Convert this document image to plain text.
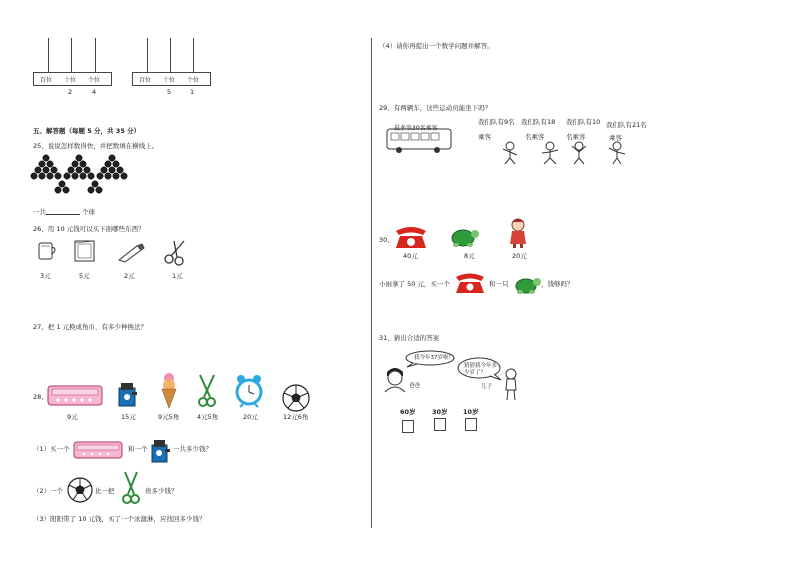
百位 十位 个位
2	4
百位 十位 个位
5	1
五、解答题（每题 5 分，共 35 分）
25、说说怎样数得快，并把数填在横线上。
一共	个球
26、用 10 元钱可以买下面哪些东西？
3元	5元	2元	1元
27、把 1 元换成角币，有多少种换法？
28、
9元	15元	9元5角	4元5角	20元	12元6角
（1）买一个	和一个	一共多少钱？
（2）一个	比一把	贵多少钱？
（3）阳阳带了 10 元钱，买了一个冰激淋，应找回多少钱？
（4）请你再提出一个数学问题并解答。
29、有两辆车，这些运动员能坐下吗？
最多坐30名乘客
我们队有9名
乘客
我们队有18
名乘客
我们队有10
名乘客
我们队有21名
乘客
30、
40元	8元	20元
小雨拿了 50 元，买一个	和一只	，钱够吗？
31、猜出合适的答案
我今年37岁啦！
爸爸
猜猜我今年多
少岁了？
儿子
60岁	30岁 10岁
